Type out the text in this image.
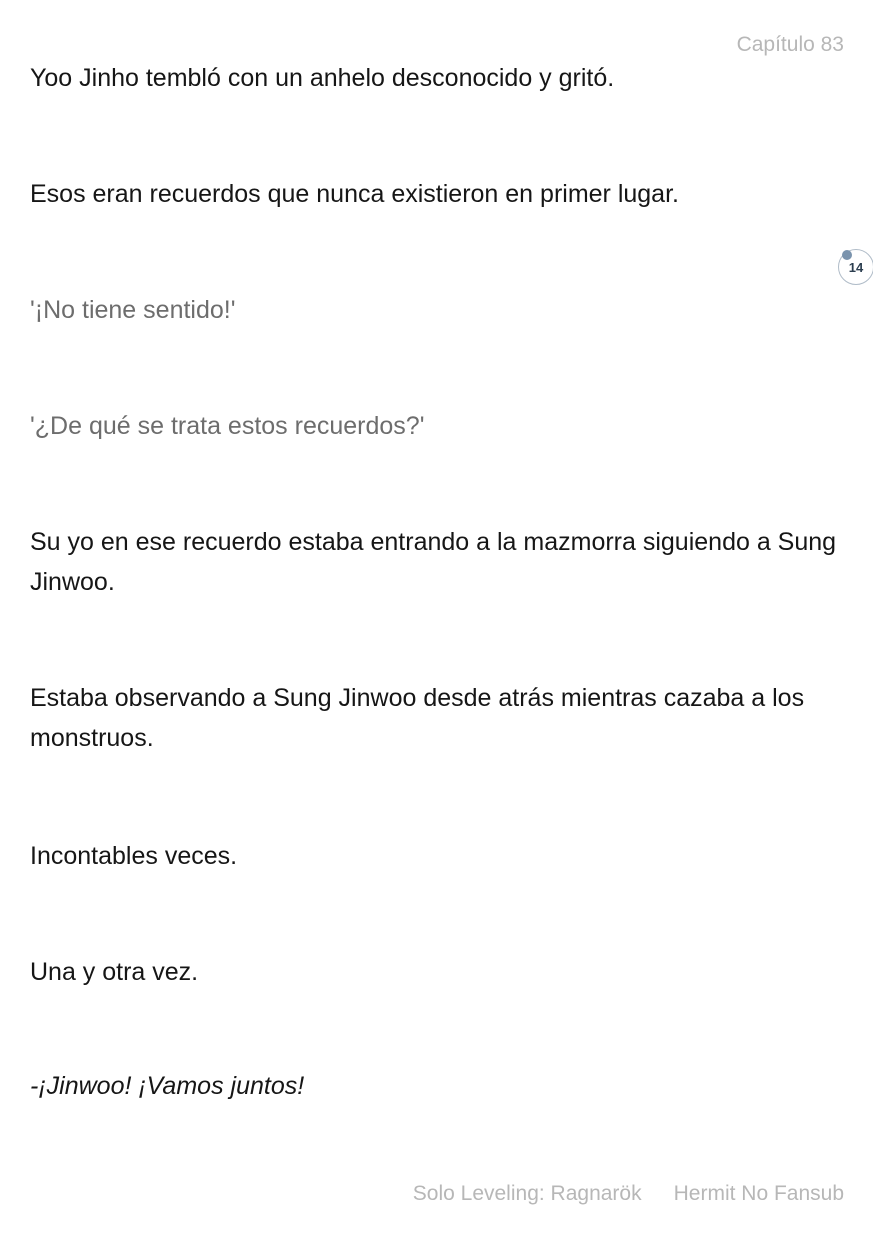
Capítulo 83

Yoo Jinho tembló con un anhelo desconocido y gritó.

Esos eran recuerdos que nunca existieron en primer lugar.

'¡No tiene sentido!'

'¿De qué se trata estos recuerdos?'

Su yo en ese recuerdo estaba entrando a la mazmorra siguiendo a Sung Jinwoo.

Estaba observando a Sung Jinwoo desde atrás mientras cazaba a los monstruos.

Incontables veces.

Una y otra vez.

-¡Jinwoo! ¡Vamos juntos!

14
Solo Leveling: Ragnarök Hermit No Fansub
